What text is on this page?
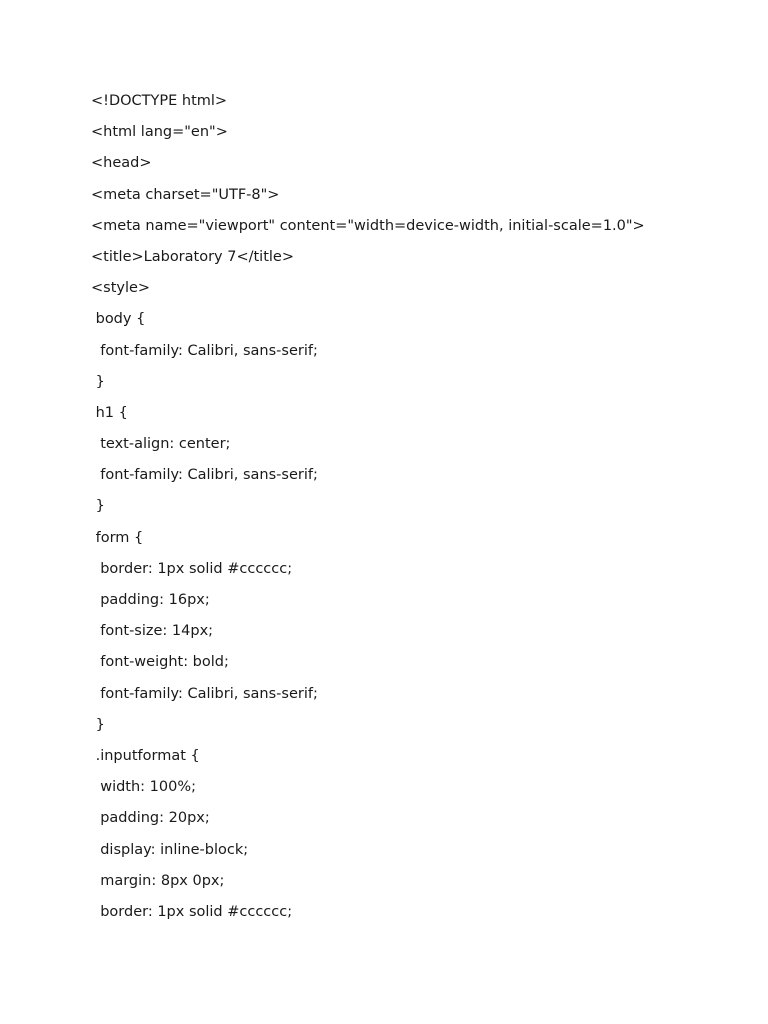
<!DOCTYPE html>
<html lang="en">
<head>
<meta charset="UTF-8">
<meta name="viewport" content="width=device-width, initial-scale=1.0">
<title>Laboratory 7</title>
<style>
body {
font-family: Calibri, sans-serif;
}
h1 {
text-align: center;
font-family: Calibri, sans-serif;
}
form {
border: 1px solid #cccccc;
padding: 16px;
font-size: 14px;
font-weight: bold;
font-family: Calibri, sans-serif;
}
.inputformat {
width: 100%;
padding: 20px;
display: inline-block;
margin: 8px 0px;
border: 1px solid #cccccc;
